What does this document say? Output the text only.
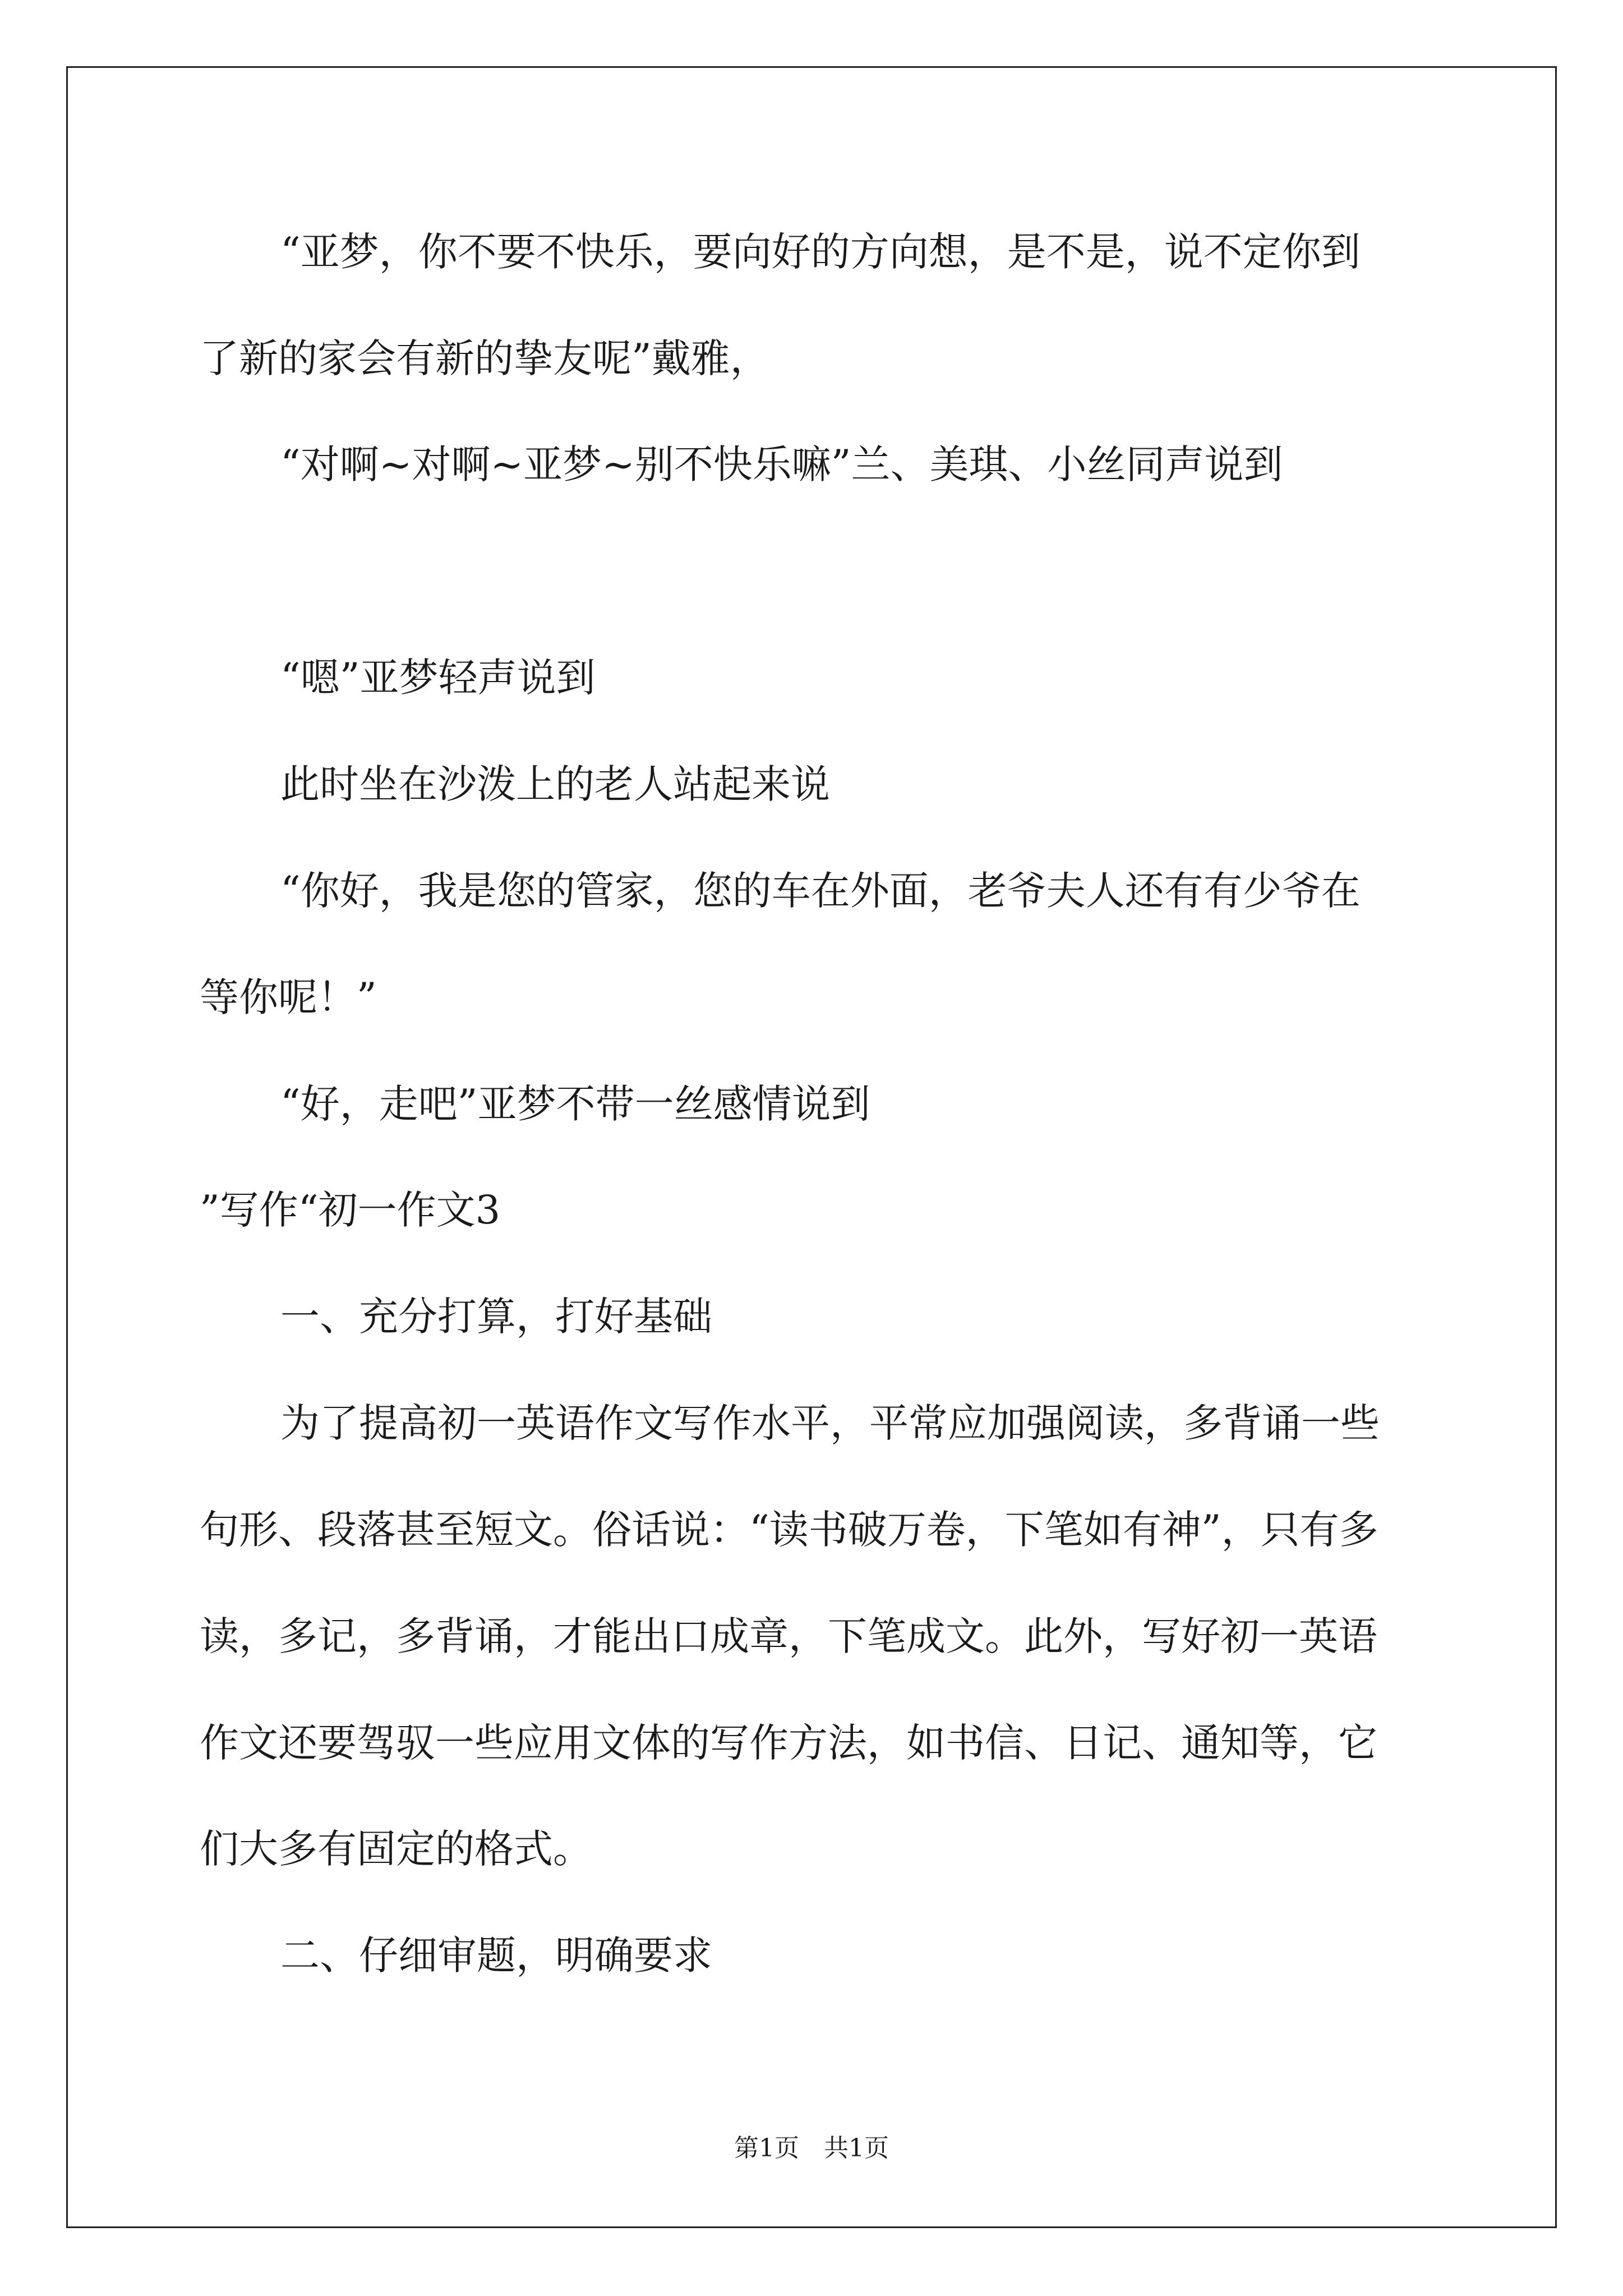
“亚梦，你不要不快乐，要向好的方向想，是不是，说不定你到

了新的家会有新的挚友呢”戴雅，

“对啊~对啊~亚梦~别不快乐嘛”兰、美琪、小丝同声说到

“嗯”亚梦轻声说到

此时坐在沙泼上的老人站起来说

“你好，我是您的管家，您的车在外面，老爷夫人还有有少爷在

等你呢！”

“好，走吧”亚梦不带一丝感情说到

”写作“初一作文3

一、充分打算，打好基础

为了提高初一英语作文写作水平，平常应加强阅读，多背诵一些

句形、段落甚至短文。俗话说：“读书破万卷，下笔如有神”，只有多

读，多记，多背诵，才能出口成章，下笔成文。此外，写好初一英语

作文还要驾驭一些应用文体的写作方法，如书信、日记、通知等，它

们大多有固定的格式。

二、仔细审题，明确要求

第1页　共1页
